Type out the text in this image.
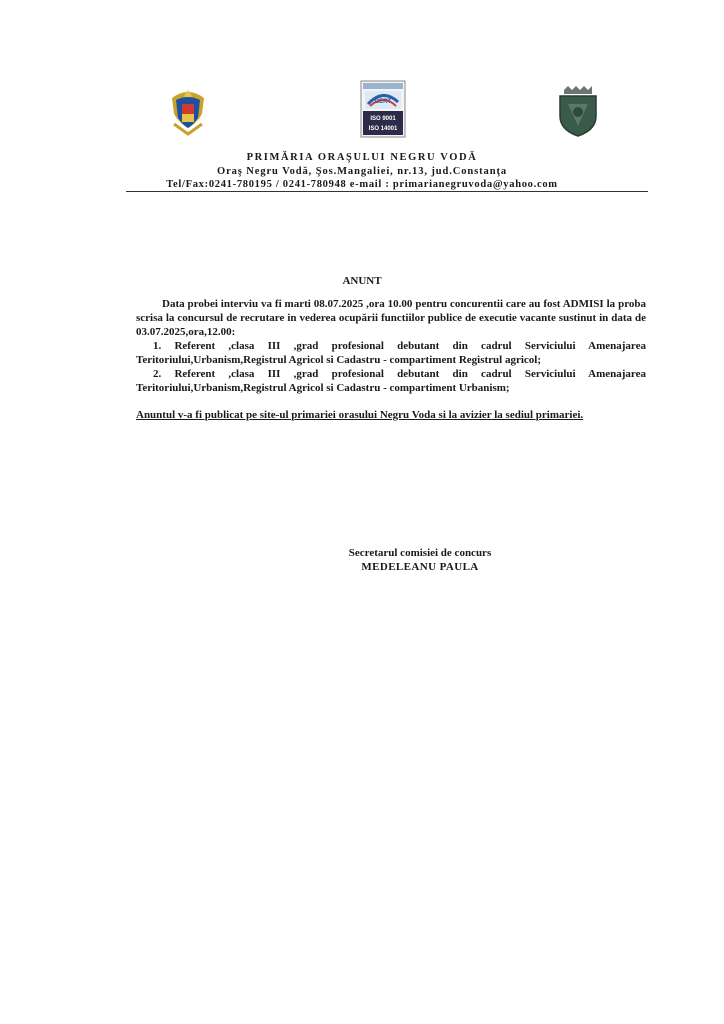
CERT
ISO 9001
ISO 14001
PRIMĂRIA ORAŞULUI NEGRU VODĂ
Oraş Negru Vodă, Şos.Mangaliei, nr.13, jud.Constanţa
Tel/Fax:0241-780195 / 0241-780948 e-mail : primarianegruvoda@yahoo.com
ANUNT

Data probei interviu va fi marti 08.07.2025 ,ora 10.00 pentru concurentii care au fost ADMISI la proba scrisa la concursul de recrutare in vederea ocupării functiilor publice de executie vacante sustinut in data de 03.07.2025,ora,12.00:

1. Referent ,clasa III ,grad profesional debutant din cadrul Serviciului Amenajarea Teritoriului,Urbanism,Registrul Agricol si Cadastru - compartiment Registrul agricol;

2. Referent ,clasa III ,grad profesional debutant din cadrul Serviciului Amenajarea Teritoriului,Urbanism,Registrul Agricol si Cadastru - compartiment Urbanism;

Anuntul v-a fi publicat pe site-ul primariei orasului Negru Voda si la avizier la sediul primariei.

Secretarul comisiei de concurs
MEDELEANU PAULA
